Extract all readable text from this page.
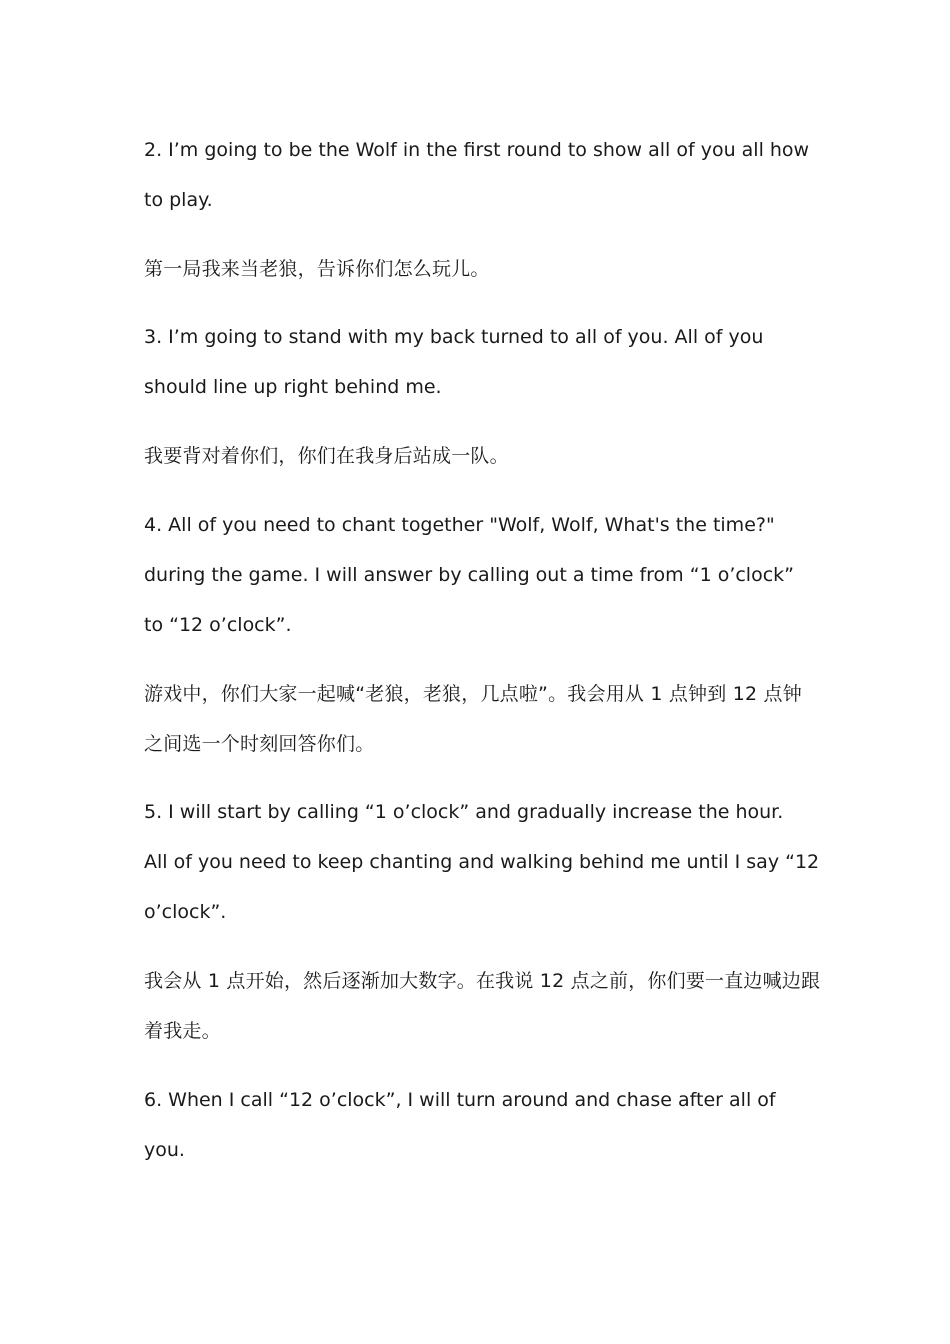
2. I’m going to be the Wolf in the first round to show all of you all how
to play.

第一局我来当老狼，告诉你们怎么玩儿。

3. I’m going to stand with my back turned to all of you. All of you
should line up right behind me.

我要背对着你们，你们在我身后站成一队。

4. All of you need to chant together "Wolf, Wolf, What's the time?"
during the game. I will answer by calling out a time from “1 o’clock”
to “12 o’clock”.

游戏中，你们大家一起喊“老狼，老狼，几点啦”。我会用从 1 点钟到 12 点钟
之间选一个时刻回答你们。

5. I will start by calling “1 o’clock” and gradually increase the hour.
All of you need to keep chanting and walking behind me until I say “12
o’clock”.

我会从 1 点开始，然后逐渐加大数字。在我说 12 点之前，你们要一直边喊边跟
着我走。

6. When I call “12 o’clock”, I will turn around and chase after all of
you.
